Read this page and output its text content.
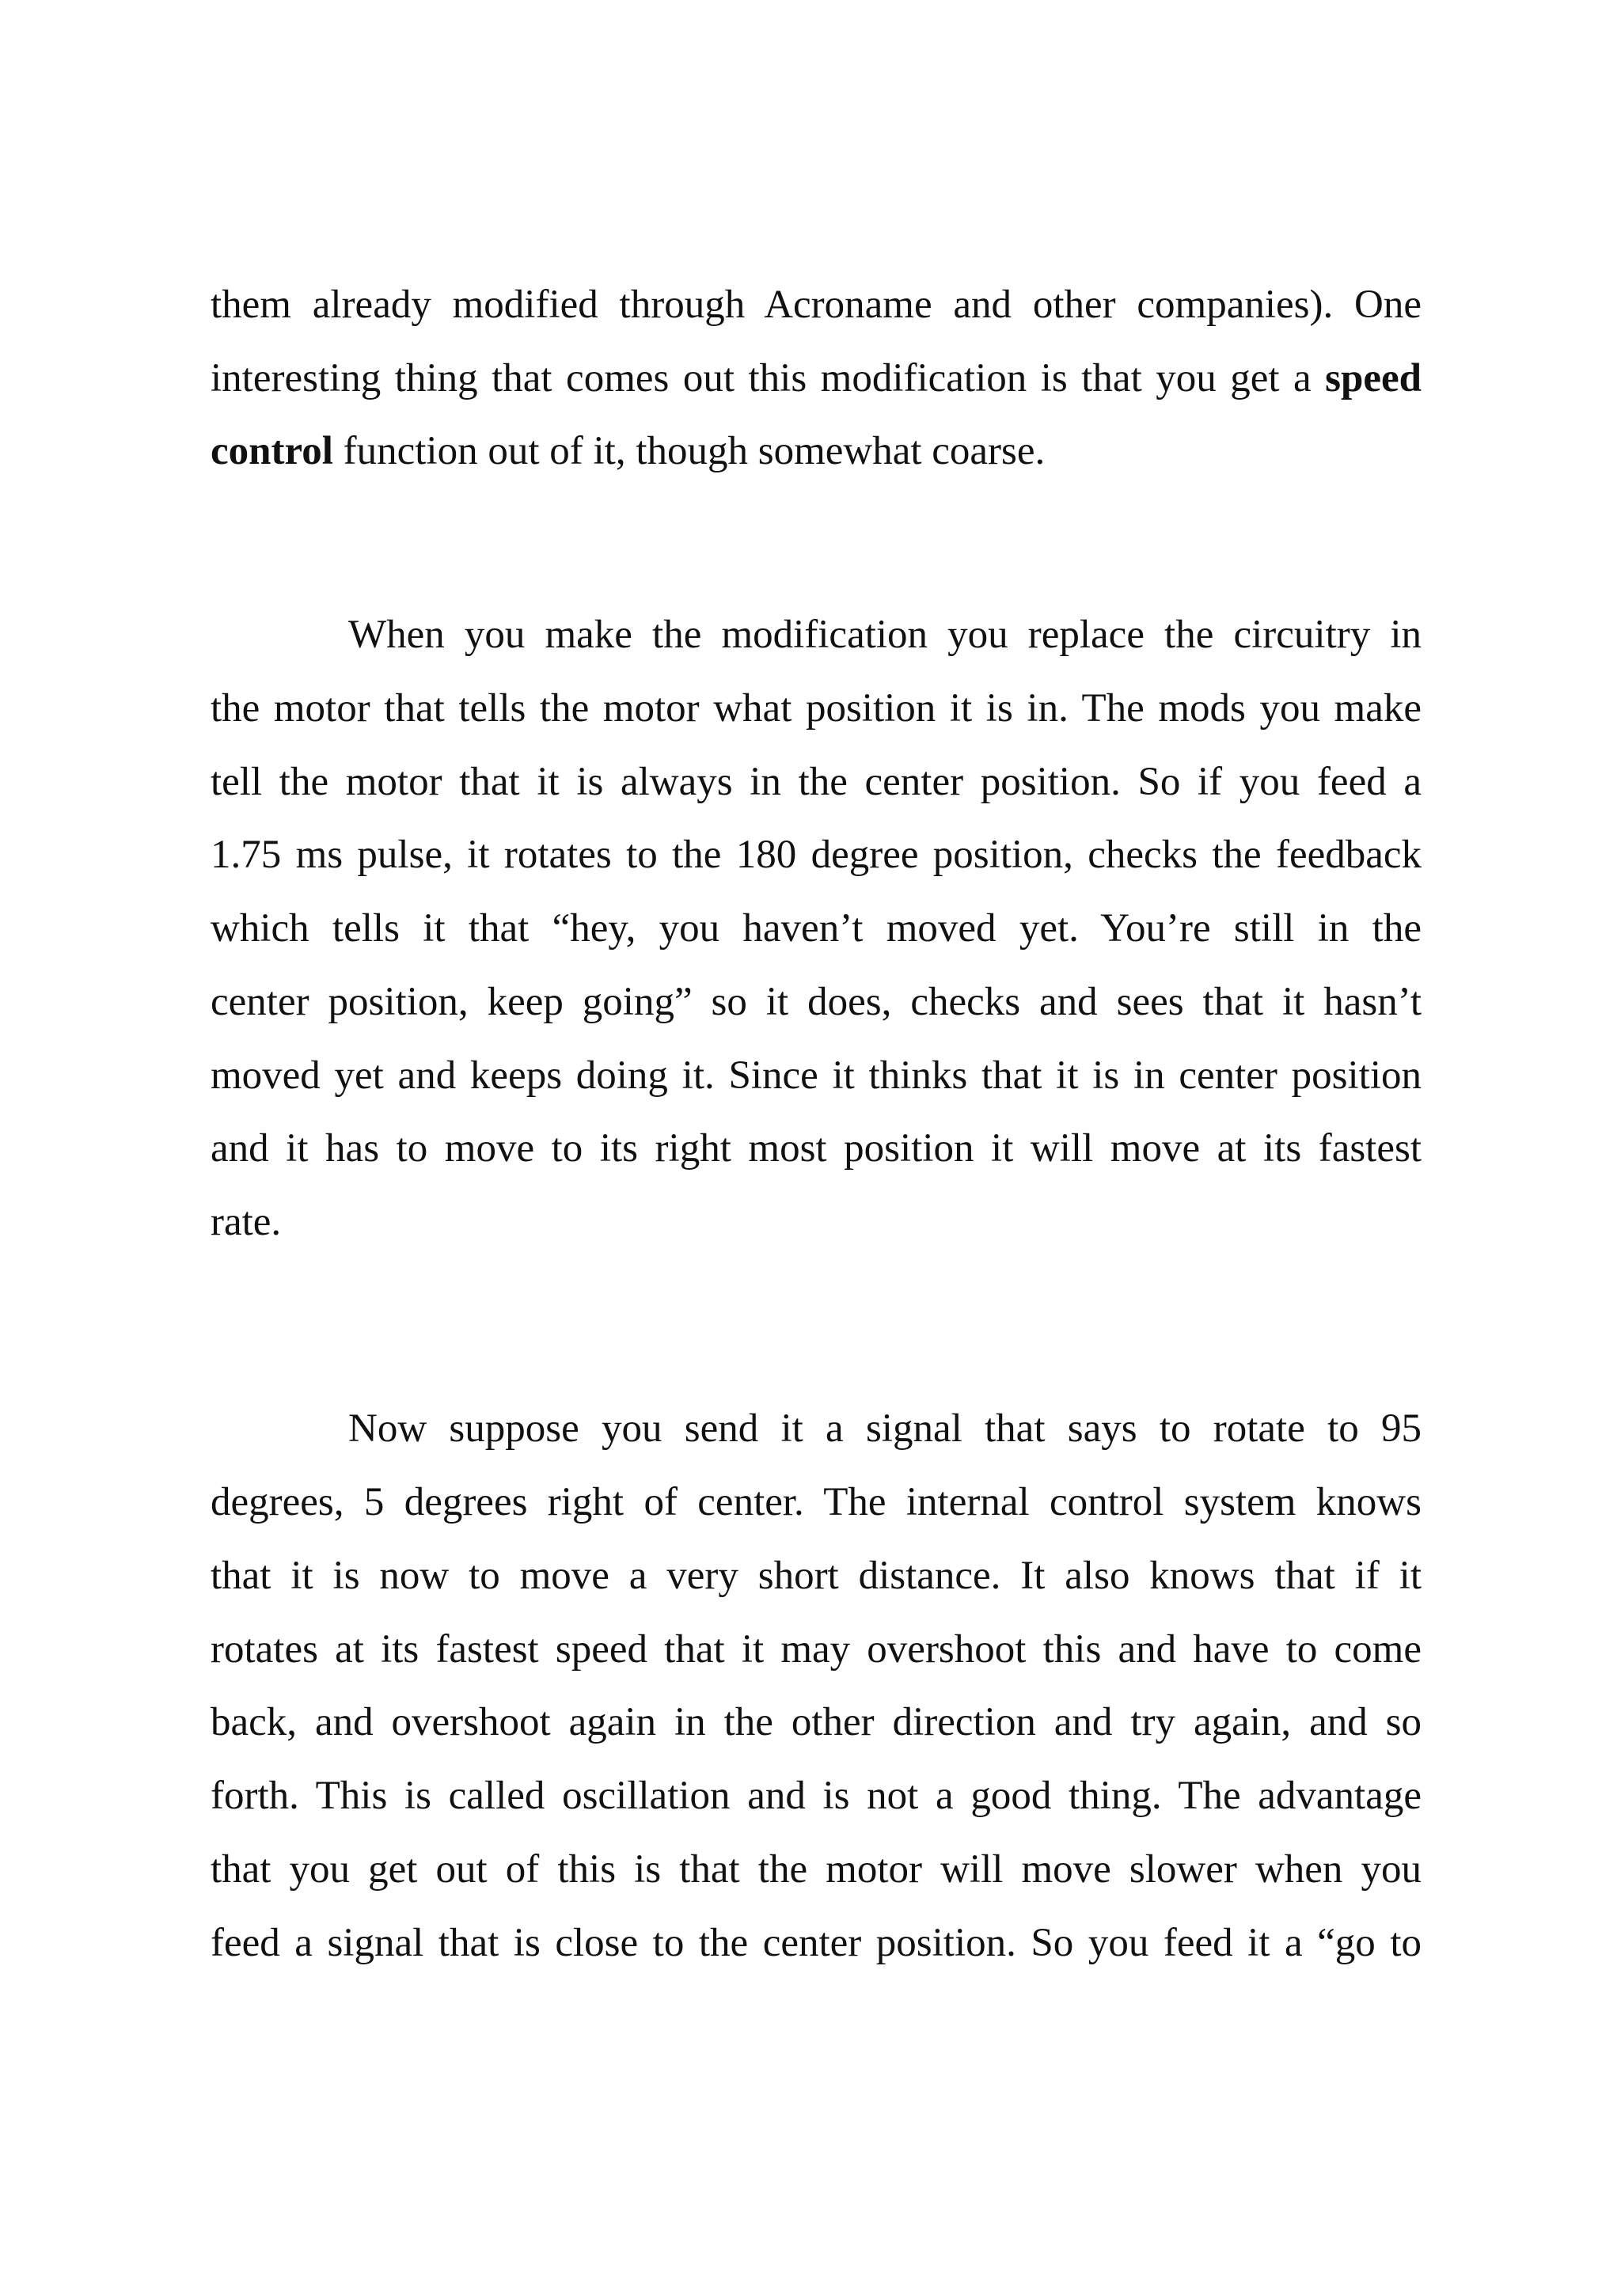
them already modified through Acroname and other companies). One
interesting thing that comes out this modification is that you get a speed
control function out of it, though somewhat coarse.
When you make the modification you replace the circuitry in
the motor that tells the motor what position it is in. The mods you make
tell the motor that it is always in the center position. So if you feed a
1.75 ms pulse, it rotates to the 180 degree position, checks the feedback
which tells it that “hey, you haven’t moved yet. You’re still in the
center position, keep going” so it does, checks and sees that it hasn’t
moved yet and keeps doing it. Since it thinks that it is in center position
and it has to move to its right most position it will move at its fastest
rate.
Now suppose you send it a signal that says to rotate to 95
degrees, 5 degrees right of center. The internal control system knows
that it is now to move a very short distance. It also knows that if it
rotates at its fastest speed that it may overshoot this and have to come
back, and overshoot again in the other direction and try again, and so
forth. This is called oscillation and is not a good thing. The advantage
that you get out of this is that the motor will move slower when you
feed a signal that is close to the center position. So you feed it a “go to
